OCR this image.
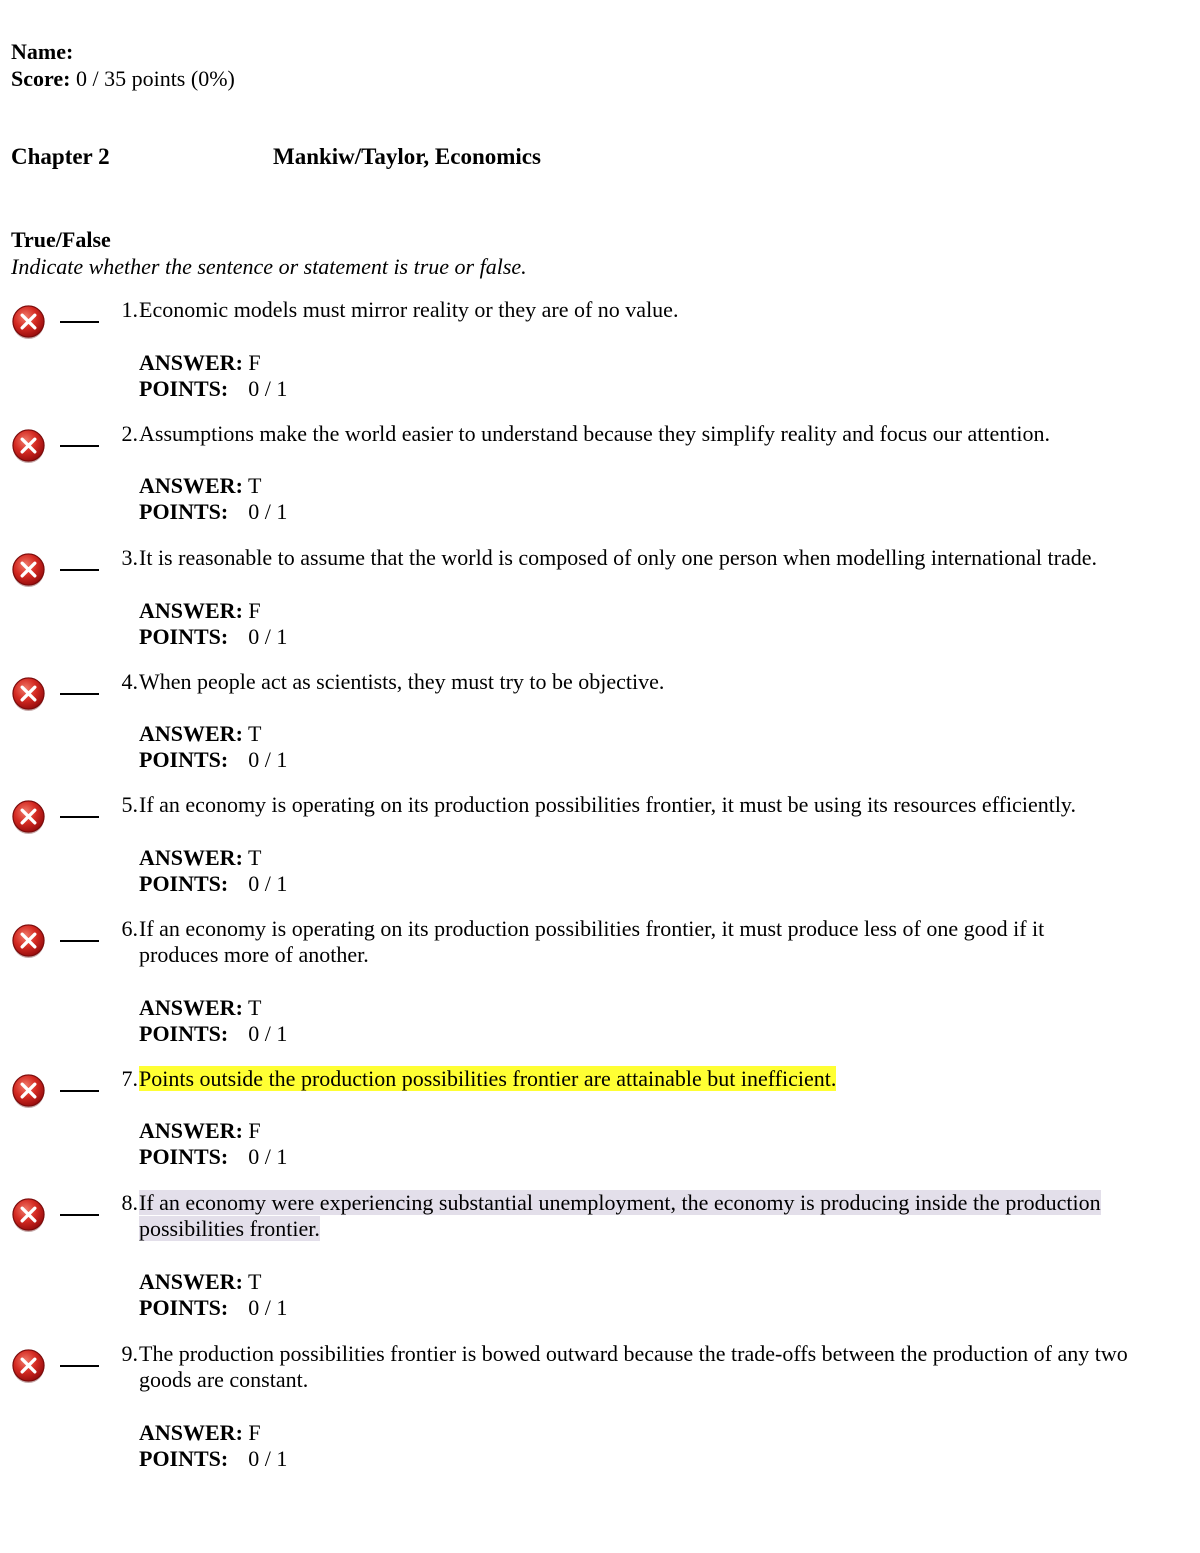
Name:
Score: 0 / 35 points (0%)
Chapter 2	Mankiw/Taylor, Economics
True/False
Indicate whether the sentence or statement is true or false.
1. Economic models must mirror reality or they are of no value.
ANSWER: F
POINTS: 0 / 1
2. Assumptions make the world easier to understand because they simplify reality and focus our attention.
ANSWER: T
POINTS: 0 / 1
3. It is reasonable to assume that the world is composed of only one person when modelling international trade.
ANSWER: F
POINTS: 0 / 1
4. When people act as scientists, they must try to be objective.
ANSWER: T
POINTS: 0 / 1
5. If an economy is operating on its production possibilities frontier, it must be using its resources efficiently.
ANSWER: T
POINTS: 0 / 1
6. If an economy is operating on its production possibilities frontier, it must produce less of one good if it produces more of another.
ANSWER: T
POINTS: 0 / 1
7. Points outside the production possibilities frontier are attainable but inefficient.
ANSWER: F
POINTS: 0 / 1
8. If an economy were experiencing substantial unemployment, the economy is producing inside the production possibilities frontier.
ANSWER: T
POINTS: 0 / 1
9. The production possibilities frontier is bowed outward because the trade-offs between the production of any two goods are constant.
ANSWER: F
POINTS: 0 / 1
